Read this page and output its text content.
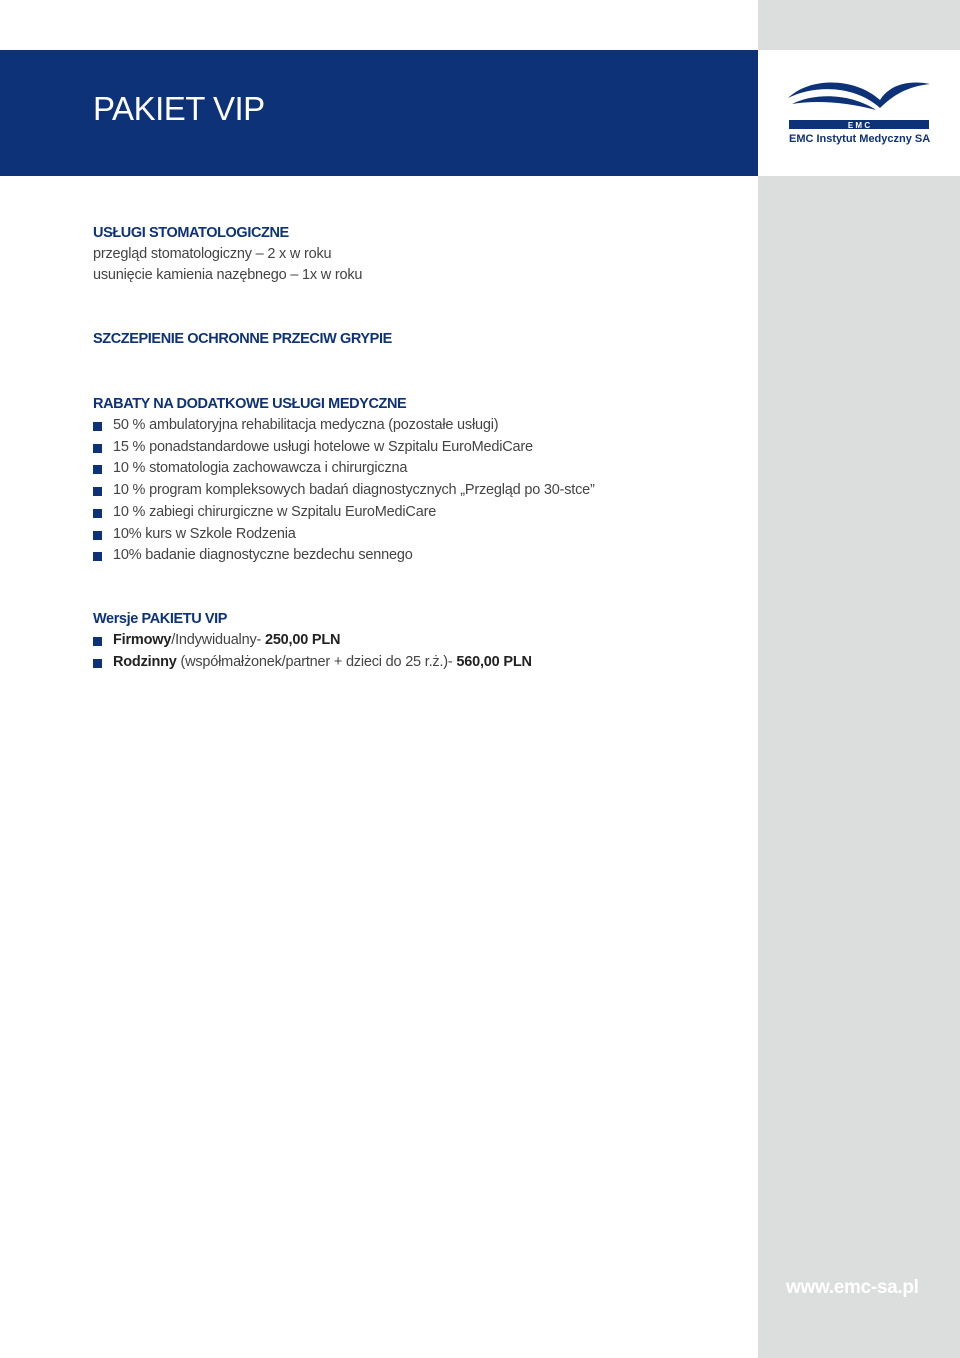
PAKIET VIP	E M C
EMC Instytut Medyczny SA
USŁUGI STOMATOLOGICZNE
przegląd stomatologiczny – 2 x w roku
usunięcie kamienia nazębnego – 1x w roku
SZCZEPIENIE OCHRONNE PRZECIW GRYPIE
RABATY NA DODATKOWE USŁUGI MEDYCZNE
50 % ambulatoryjna rehabilitacja medyczna (pozostałe usługi)
15 % ponadstandardowe usługi hotelowe w Szpitalu EuroMediCare
10 % stomatologia zachowawcza i chirurgiczna
10 % program kompleksowych badań diagnostycznych „Przegląd po 30-stce”
10 % zabiegi chirurgiczne w Szpitalu EuroMediCare
10% kurs w Szkole Rodzenia
10% badanie diagnostyczne bezdechu sennego
Wersje PAKIETU VIP
Firmowy/Indywidualny- 250,00 PLN
Rodzinny (współmałżonek/partner + dzieci do 25 r.ż.)- 560,00 PLN
www.emc-sa.pl
